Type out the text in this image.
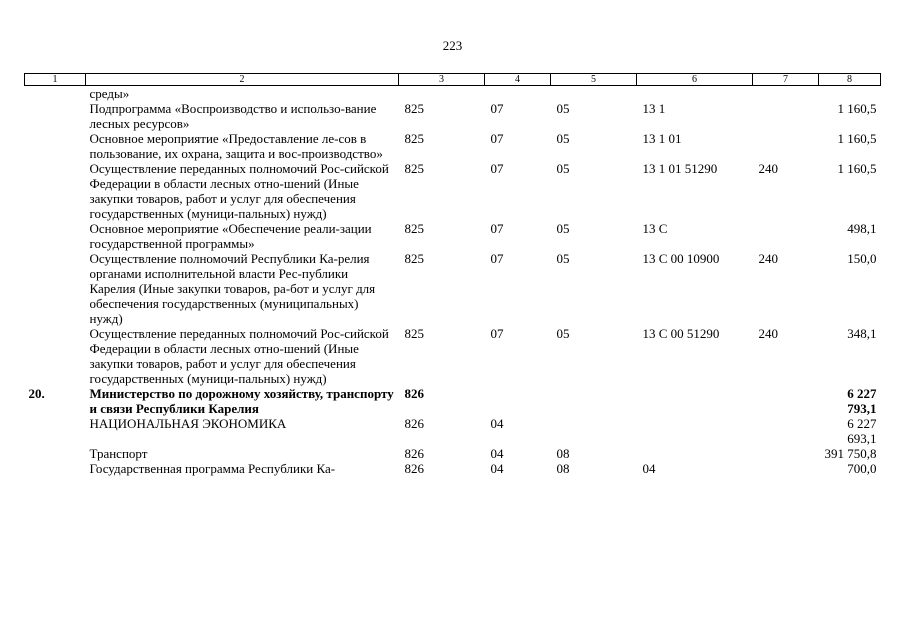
223
1	2	3	4	5	6	7	8
	среды»						
	Подпрограмма «Воспроизводство и использо-вание лесных ресурсов»	825	07	05	13 1		1 160,5
	Основное мероприятие «Предоставление ле-сов в пользование, их охрана, защита и вос-производство»	825	07	05	13 1 01		1 160,5
	Осуществление переданных полномочий Рос-сийской Федерации в области лесных отно-шений (Иные закупки товаров, работ и услуг для обеспечения государственных (муници-пальных) нужд)	825	07	05	13 1 01 51290	240	1 160,5
	Основное мероприятие «Обеспечение реали-зации государственной программы»	825	07	05	13 С		498,1
	Осуществление полномочий Республики Ка-релия органами исполнительной власти Рес-публики Карелия (Иные закупки товаров, ра-бот и услуг для обеспечения государственных (муниципальных) нужд)	825	07	05	13 С 00 10900	240	150,0
	Осуществление переданных полномочий Рос-сийской Федерации в области лесных отно-шений (Иные закупки товаров, работ и услуг для обеспечения государственных (муници-пальных) нужд)	825	07	05	13 С 00 51290	240	348,1
20.	Министерство по дорожному хозяйству, транспорту и связи Республики Карелия	826					6 227 793,1
	НАЦИОНАЛЬНАЯ ЭКОНОМИКА	826	04				6 227 693,1
	Транспорт	826	04	08			391 750,8
	Государственная программа Республики Ка-	826	04	08	04		700,0
